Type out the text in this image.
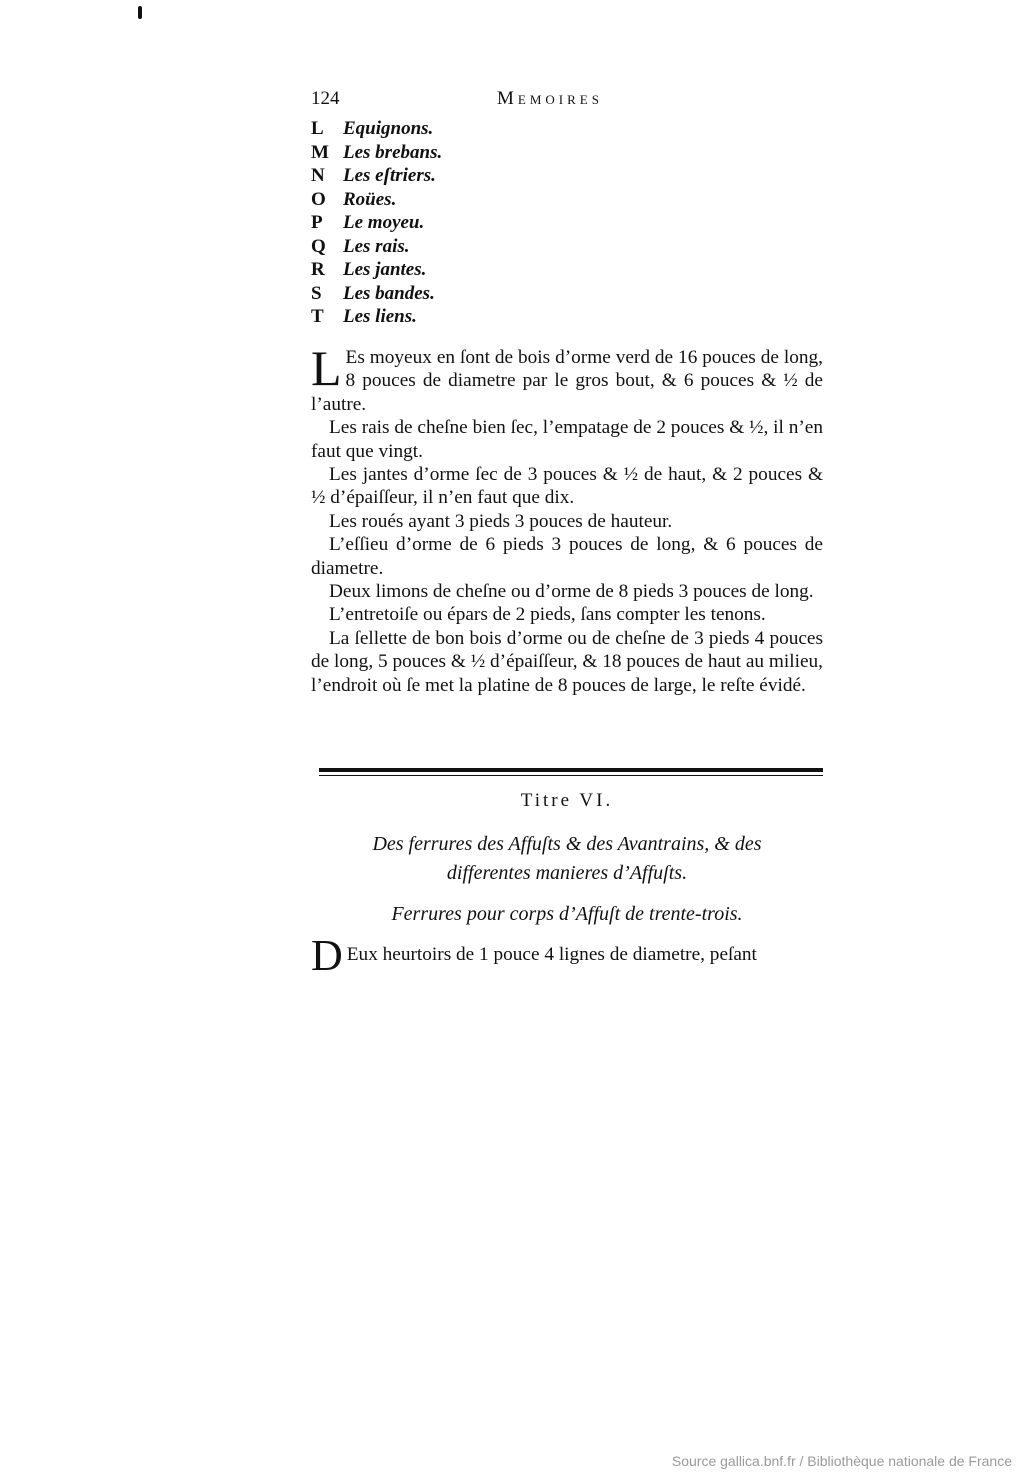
124	Memoires
L Equignons.
M Les brebans.
N Les eſtriers.
O Roües.
P Le moyeu.
Q Les rais.
R Les jantes.
S Les bandes.
T Les liens.

L Es moyeux en ſont de bois d’orme verd de 16 pouces de long, 8 pouces de diametre par le gros bout, & 6 pouces & ½ de l’autre.

Les rais de cheſne bien ſec, l’empatage de 2 pouces & ½, il n’en faut que vingt.

Les jantes d’orme ſec de 3 pouces & ½ de haut, & 2 pouces & ½ d’épaiſſeur, il n’en faut que dix.

Les roués ayant 3 pieds 3 pouces de hauteur.

L’eſſieu d’orme de 6 pieds 3 pouces de long, & 6 pouces de diametre.

Deux limons de cheſne ou d’orme de 8 pieds 3 pouces de long.

L’entretoiſe ou épars de 2 pieds, ſans compter les tenons.

La ſellette de bon bois d’orme ou de cheſne de 3 pieds 4 pouces de long, 5 pouces & ½ d’épaiſſeur, & 18 pouces de haut au milieu, l’endroit où ſe met la platine de 8 pouces de large, le reſte évidé.

Titre VI.
Des ferrures des Affuſts & des Avantrains, & des
differentes manieres d’Affuſts.
Ferrures pour corps d’Affuſt de trente-trois.
D Eux heurtoirs de 1 pouce 4 lignes de diametre, peſant
Source gallica.bnf.fr / Bibliothèque nationale de France
